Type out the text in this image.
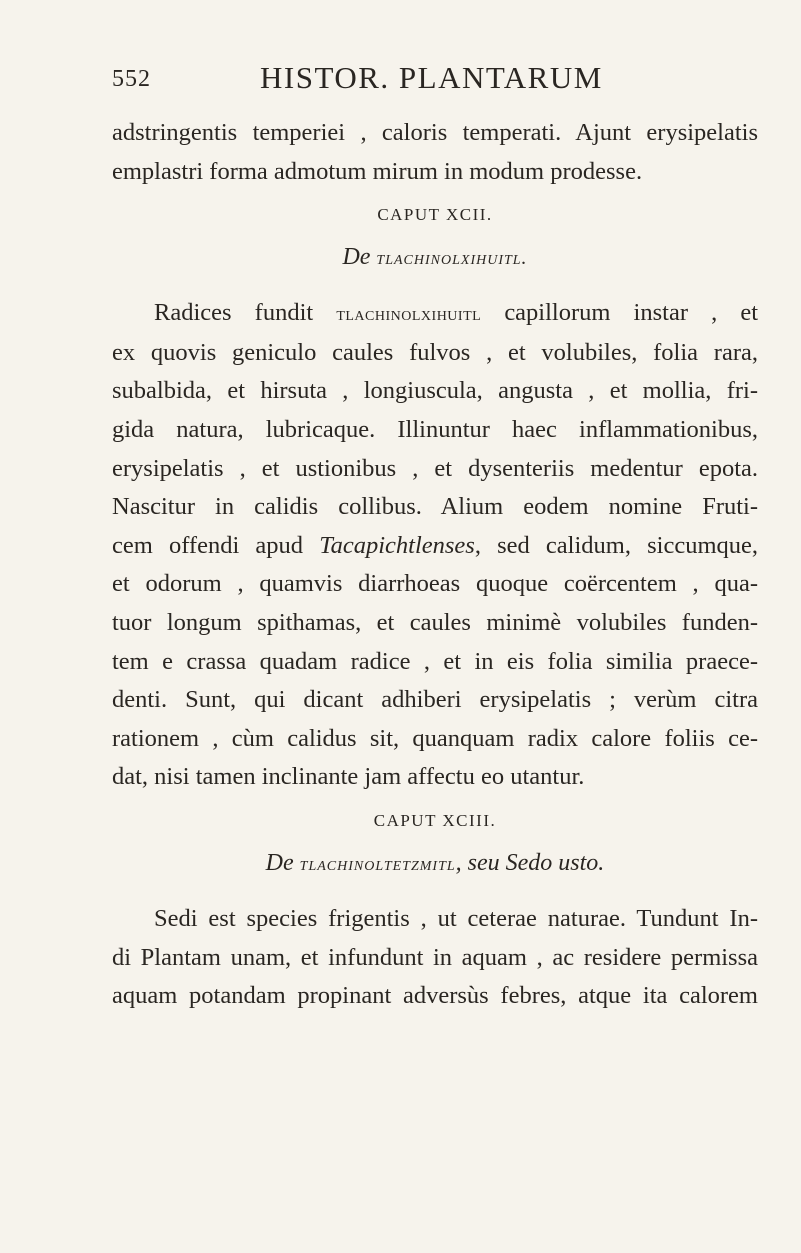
552	HISTOR. PLANTARUM
adstringentis temperiei , caloris temperati. Ajunt erysipelatis
emplastri forma admotum mirum in modum prodesse.
CAPUT XCII.
De tlachinolxihuitl.
Radices fundit tlachinolxihuitl capillorum instar , et
ex quovis geniculo caules fulvos , et volubiles, folia rara,
subalbida, et hirsuta , longiuscula, angusta , et mollia, fri-
gida natura, lubricaque. Illinuntur haec inflammationibus,
erysipelatis , et ustionibus , et dysenteriis medentur epota.
Nascitur in calidis collibus. Alium eodem nomine Fruti-
cem offendi apud Tacapichtlenses, sed calidum, siccumque,
et odorum , quamvis diarrhoeas quoque coërcentem , qua-
tuor longum spithamas, et caules minimè volubiles funden-
tem e crassa quadam radice , et in eis folia similia praece-
denti. Sunt, qui dicant adhiberi erysipelatis ; verùm citra
rationem , cùm calidus sit, quanquam radix calore foliis ce-
dat, nisi tamen inclinante jam affectu eo utantur.
CAPUT XCIII.
De tlachinoltetzmitl, seu Sedo usto.
Sedi est species frigentis , ut ceterae naturae. Tundunt In-
di Plantam unam, et infundunt in aquam , ac residere permissa
aquam potandam propinant adversùs febres, atque ita calorem
